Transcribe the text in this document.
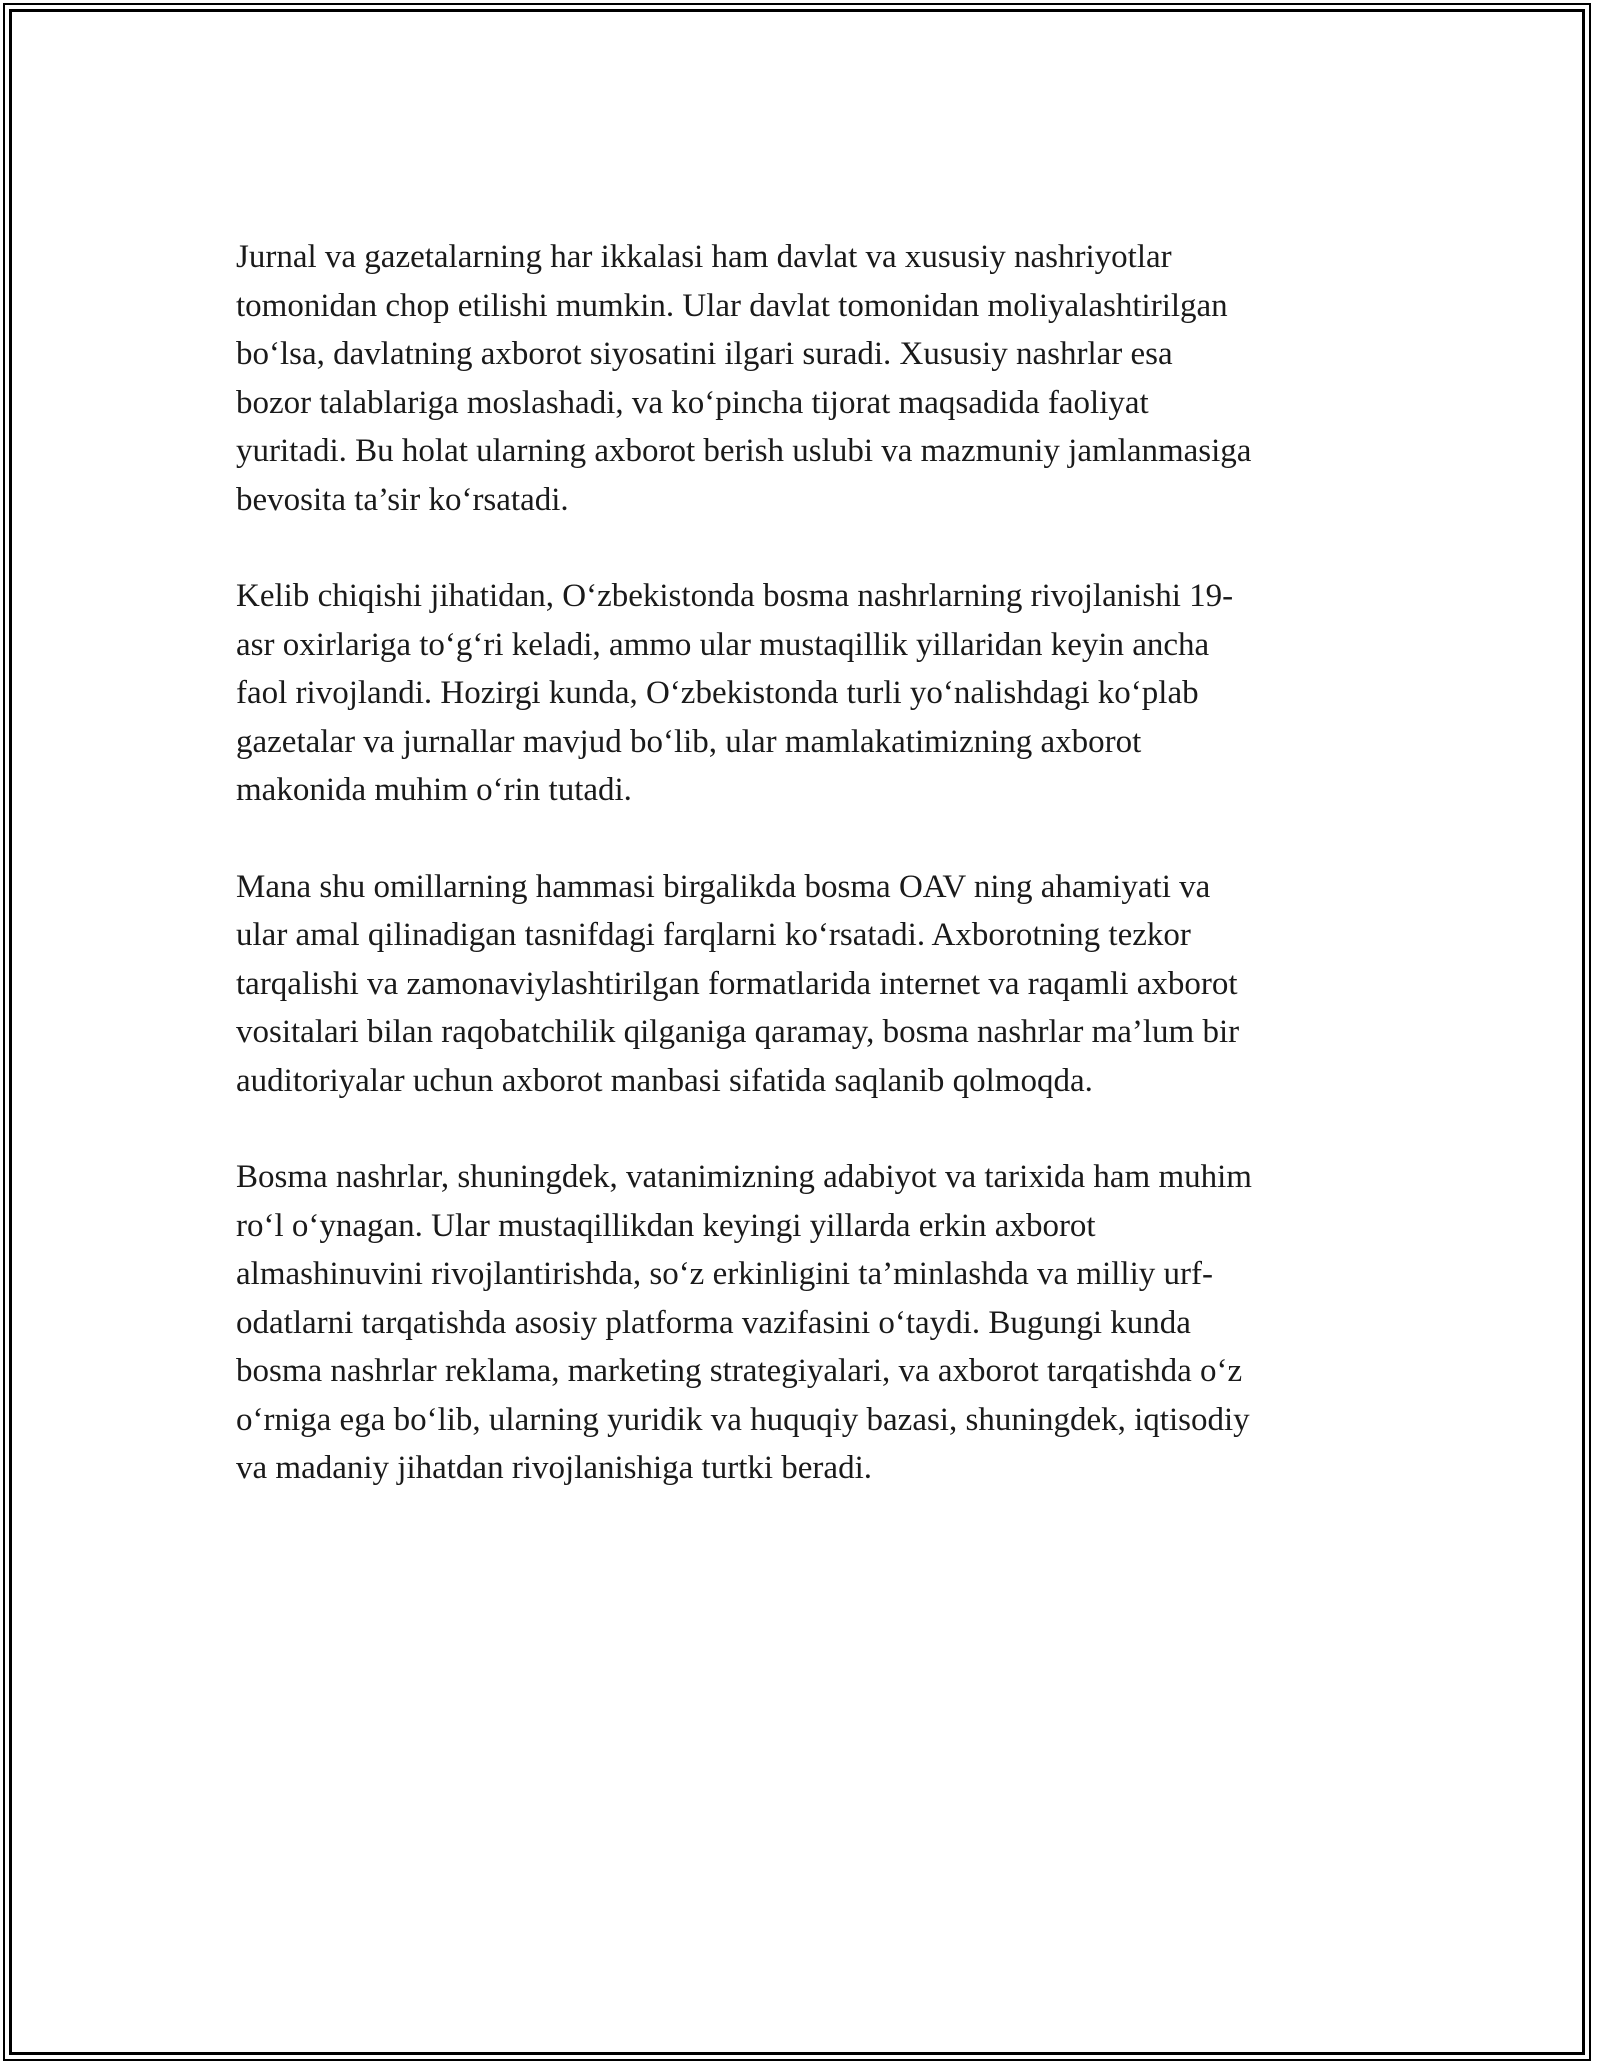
Jurnal va gazetalarning har ikkalasi ham davlat va xususiy nashriyotlar
tomonidan chop etilishi mumkin. Ular davlat tomonidan moliyalashtirilgan
bo‘lsa, davlatning axborot siyosatini ilgari suradi. Xususiy nashrlar esa
bozor talablariga moslashadi, va ko‘pincha tijorat maqsadida faoliyat
yuritadi. Bu holat ularning axborot berish uslubi va mazmuniy jamlanmasiga
bevosita ta’sir ko‘rsatadi.

Kelib chiqishi jihatidan, O‘zbekistonda bosma nashrlarning rivojlanishi 19-
asr oxirlariga to‘g‘ri keladi, ammo ular mustaqillik yillaridan keyin ancha
faol rivojlandi. Hozirgi kunda, O‘zbekistonda turli yo‘nalishdagi ko‘plab
gazetalar va jurnallar mavjud bo‘lib, ular mamlakatimizning axborot
makonida muhim o‘rin tutadi.

Mana shu omillarning hammasi birgalikda bosma OAV ning ahamiyati va
ular amal qilinadigan tasnifdagi farqlarni ko‘rsatadi. Axborotning tezkor
tarqalishi va zamonaviylashtirilgan formatlarida internet va raqamli axborot
vositalari bilan raqobatchilik qilganiga qaramay, bosma nashrlar ma’lum bir
auditoriyalar uchun axborot manbasi sifatida saqlanib qolmoqda.

Bosma nashrlar, shuningdek, vatanimizning adabiyot va tarixida ham muhim
ro‘l o‘ynagan. Ular mustaqillikdan keyingi yillarda erkin axborot
almashinuvini rivojlantirishda, so‘z erkinligini ta’minlashda va milliy urf-
odatlarni tarqatishda asosiy platforma vazifasini o‘taydi. Bugungi kunda
bosma nashrlar reklama, marketing strategiyalari, va axborot tarqatishda o‘z
o‘rniga ega bo‘lib, ularning yuridik va huquqiy bazasi, shuningdek, iqtisodiy
va madaniy jihatdan rivojlanishiga turtki beradi.
